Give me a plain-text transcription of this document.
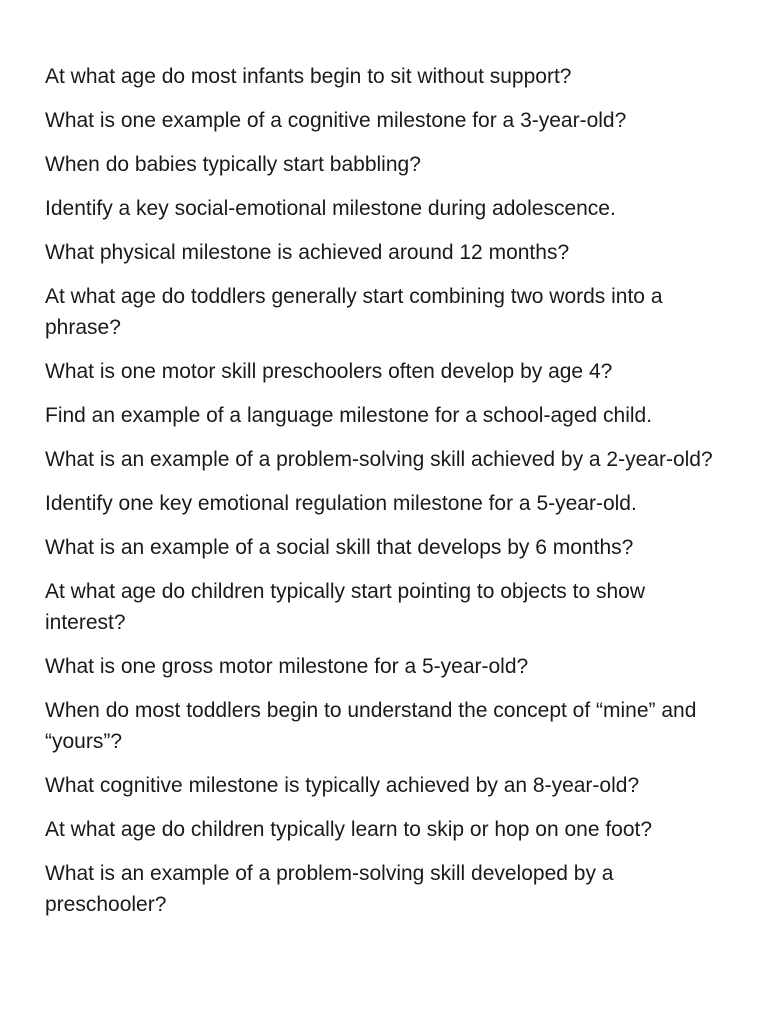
At what age do most infants begin to sit without support?

What is one example of a cognitive milestone for a 3-year-old?

When do babies typically start babbling?

Identify a key social-emotional milestone during adolescence.

What physical milestone is achieved around 12 months?

At what age do toddlers generally start combining two words into a phrase?

What is one motor skill preschoolers often develop by age 4?

Find an example of a language milestone for a school-aged child.

What is an example of a problem-solving skill achieved by a 2-year-old?

Identify one key emotional regulation milestone for a 5-year-old.

What is an example of a social skill that develops by 6 months?

At what age do children typically start pointing to objects to show interest?

What is one gross motor milestone for a 5-year-old?

When do most toddlers begin to understand the concept of “mine” and “yours”?

What cognitive milestone is typically achieved by an 8-year-old?

At what age do children typically learn to skip or hop on one foot?

What is an example of a problem-solving skill developed by a preschooler?
